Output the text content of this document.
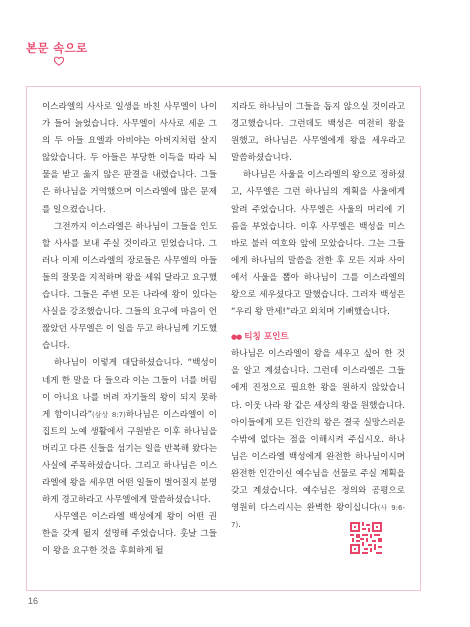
본문 속으로

이스라엘의 사사로 일생을 바친 사무엘이 나이가 들어 늙었습니다. 사무엘이 사사로 세운 그의 두 아들 요엘과 아비야는 아버지처럼 살지 않았습니다. 두 아들은 부당한 이득을 따라 뇌물을 받고 옳지 않은 판결을 내렸습니다. 그들은 하나님을 거역했으며 이스라엘에 많은 문제를 일으켰습니다.

그전까지 이스라엘은 하나님이 그들을 인도할 사사를 보내 주실 것이라고 믿었습니다. 그러나 이제 이스라엘의 장로들은 사무엘의 아들들의 잘못을 지적하며 왕을 세워 달라고 요구했습니다. 그들은 주변 모든 나라에 왕이 있다는 사실을 강조했습니다. 그들의 요구에 마음이 언짢았던 사무엘은 이 일을 두고 하나님께 기도했습니다.

하나님이 이렇게 대답하셨습니다. “백성이 네게 한 말을 다 들으라 이는 그들이 너를 버림이 아니요 나를 버려 자기들의 왕이 되지 못하게 함이니라”(삼상 8:7)하나님은 이스라엘이 이집트의 노예 생활에서 구원받은 이후 하나님을 버리고 다른 신들을 섬기는 일을 반복해 왔다는 사실에 주목하셨습니다. 그리고 하나님은 이스라엘에 왕을 세우면 어떤 일들이 벌어질지 분명하게 경고하라고 사무엘에게 말씀하셨습니다.

사무엘은 이스라엘 백성에게 왕이 어떤 권한을 갖게 될지 설명해 주었습니다. 훗날 그들이 왕을 요구한 것을 후회하게 될

지라도 하나님이 그들을 돕지 않으실 것이라고 경고했습니다. 그런데도 백성은 여전히 왕을 원했고, 하나님은 사무엘에게 왕을 세우라고 말씀하셨습니다.

하나님은 사울을 이스라엘의 왕으로 정하셨고, 사무엘은 그런 하나님의 계획을 사울에게 알려 주었습니다. 사무엘은 사울의 머리에 기름을 부었습니다. 이후 사무엘은 백성을 미스바로 불러 여호와 앞에 모았습니다. 그는 그들에게 하나님의 말씀을 전한 후 모든 지파 사이에서 사울을 뽑아 하나님이 그를 이스라엘의 왕으로 세우셨다고 말했습니다. 그러자 백성은 “우리 왕 만세!”라고 외치며 기뻐했습니다.

●● 티칭 포인트

하나님은 이스라엘이 왕을 세우고 싶어 한 것을 알고 계셨습니다. 그런데 이스라엘은 그들에게 진정으로 필요한 왕을 원하지 않았습니다. 이웃 나라 왕 같은 세상의 왕을 원했습니다. 아이들에게 모든 인간의 왕은 결국 실망스러운 수밖에 없다는 점을 이해시켜 주십시오. 하나님은 이스라엘 백성에게 완전한 하나님이시며 완전한 인간이신 예수님을 선물로 주실 계획을 갖고 계셨습니다. 예수님은 정의와 공평으로 영원히 다스리시는 완벽한 왕이십니다(사 9:6-7).

16
